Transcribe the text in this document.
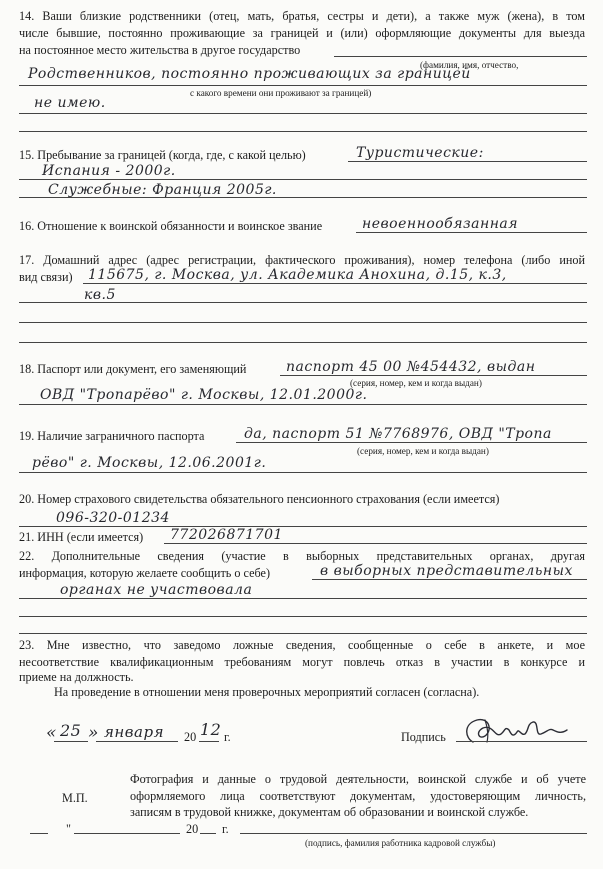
14. Ваши близкие родственники (отец, мать, братья, сестры и дети), а также муж (жена), в том
числе бывшие, постоянно проживающие за границей и (или) оформляющие документы для выезда
на постоянное место жительства в другое государство
(фамилия, имя, отчество,
Родственников, постоянно проживающих за границей
с какого времени они проживают за границей)
не имею.
15. Пребывание за границей (когда, где, с какой целью)	Туристические:
Испания - 2000г.
Служебные: Франция 2005г.
16. Отношение к воинской обязанности и воинское звание	невоеннообязанная
17. Домашний адрес (адрес регистрации, фактического проживания), номер телефона (либо иной
вид связи) 115675, г. Москва, ул. Академика Анохина, д.15, к.3,
кв.5
18. Паспорт или документ, его заменяющий	паспорт 45 00 №454432, выдан
(серия, номер, кем и когда выдан)
ОВД "Тропарёво" г. Москвы, 12.01.2000г.
19. Наличие заграничного паспорта	да, паспорт 51 №7768976, ОВД "Тропа
(серия, номер, кем и когда выдан)
рёво" г. Москвы, 12.06.2001г.
20. Номер страхового свидетельства обязательного пенсионного страхования (если имеется)
096-320-01234
21. ИНН (если имеется) 772026871701
22. Дополнительные сведения (участие в выборных представительных органах, другая
информация, которую желаете сообщить о себе)	в выборных представительных
органах не участвовала
23. Мне известно, что заведомо ложные сведения, сообщенные о себе в анкете, и мое
несоответствие квалификационным требованиям могут повлечь отказ в участии в конкурсе и
приеме на должность.
На проведение в отношении меня проверочных мероприятий согласен (согласна).
« 25 » января 20 12 г.	Подпись
М.П.
Фотография и данные о трудовой деятельности, воинской службе и об учете
оформляемого лица соответствуют документам, удостоверяющим личность,
записям в трудовой книжке, документам об образовании и воинской службе.
"	20 г.
(подпись, фамилия работника кадровой службы)
